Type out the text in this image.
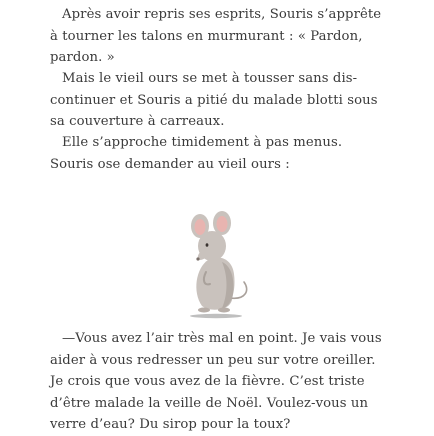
Après avoir repris ses esprits, Souris s’apprête
à tourner les talons en murmurant : « Pardon,
pardon. »
Mais le vieil ours se met à tousser sans dis-
continuer et Souris a pitié du malade blotti sous
sa couverture à carreaux.
Elle s’approche timidement à pas menus.
Souris ose demander au vieil ours :
—Vous avez l’air très mal en point. Je vais vous
aider à vous redresser un peu sur votre oreiller.
Je crois que vous avez de la fièvre. C’est triste
d’être malade la veille de Noël. Voulez-vous un
verre d’eau? Du sirop pour la toux?
